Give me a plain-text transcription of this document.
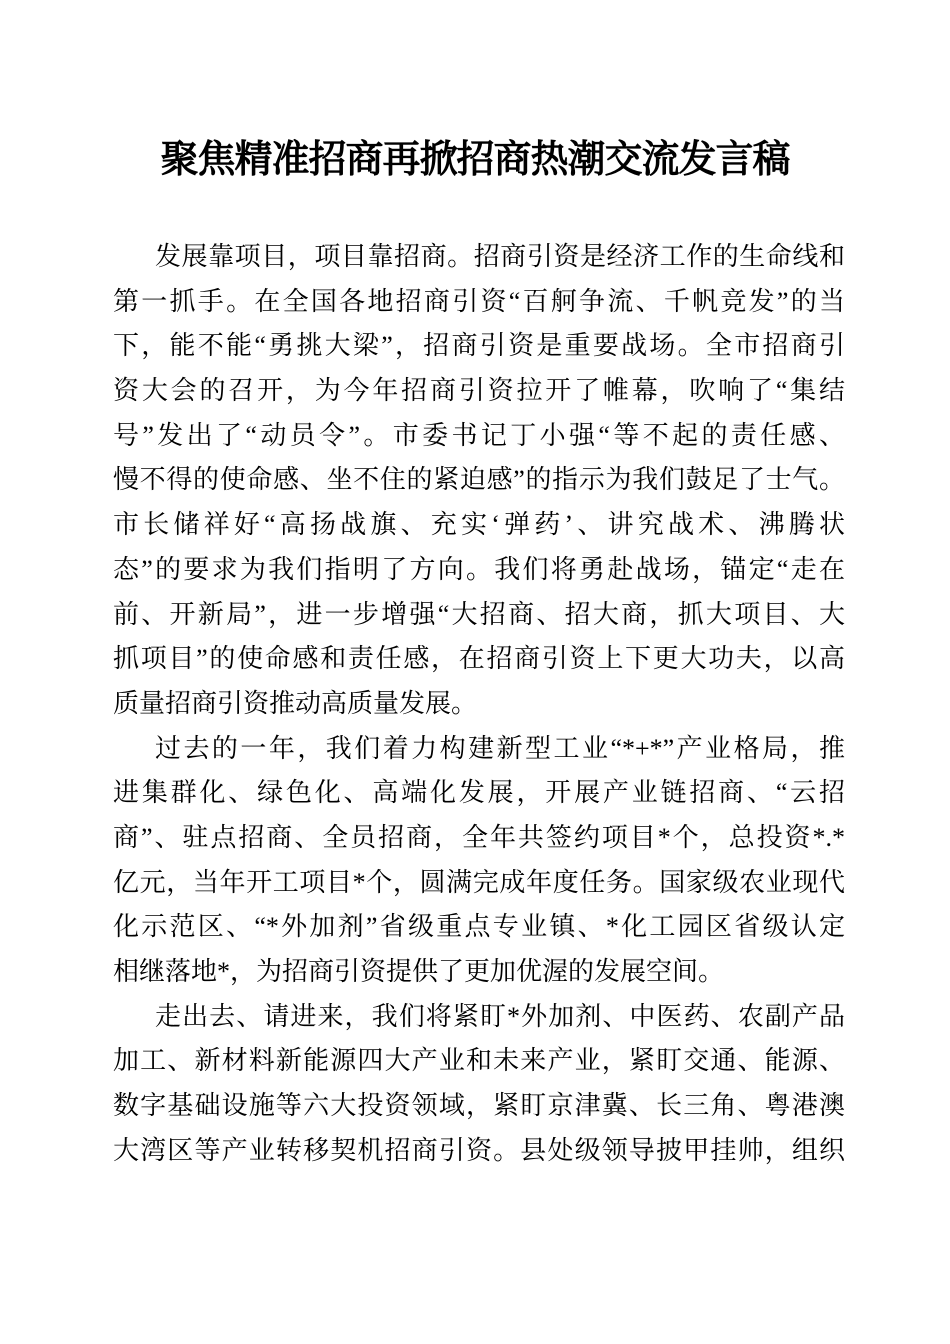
聚焦精准招商再掀招商热潮交流发言稿
发展靠项目，项目靠招商。招商引资是经济工作的生命线和
第一抓手。在全国各地招商引资“百舸争流、千帆竞发”的当
下，能不能“勇挑大梁”，招商引资是重要战场。全市招商引
资大会的召开，为今年招商引资拉开了帷幕，吹响了“集结
号”发出了“动员令”。市委书记丁小强“等不起的责任感、
慢不得的使命感、坐不住的紧迫感”的指示为我们鼓足了士气。
市长储祥好“高扬战旗、充实‘弹药’、讲究战术、沸腾状
态”的要求为我们指明了方向。我们将勇赴战场，锚定“走在
前、开新局”，进一步增强“大招商、招大商，抓大项目、大
抓项目”的使命感和责任感，在招商引资上下更大功夫，以高
质量招商引资推动高质量发展。
过去的一年，我们着力构建新型工业“*+*”产业格局，推
进集群化、绿色化、高端化发展，开展产业链招商、“云招
商”、驻点招商、全员招商，全年共签约项目*个，总投资*.*
亿元，当年开工项目*个，圆满完成年度任务。国家级农业现代
化示范区、“*外加剂”省级重点专业镇、*化工园区省级认定
相继落地*，为招商引资提供了更加优渥的发展空间。
走出去、请进来，我们将紧盯*外加剂、中医药、农副产品
加工、新材料新能源四大产业和未来产业，紧盯交通、能源、
数字基础设施等六大投资领域，紧盯京津冀、长三角、粤港澳
大湾区等产业转移契机招商引资。县处级领导披甲挂帅，组织
